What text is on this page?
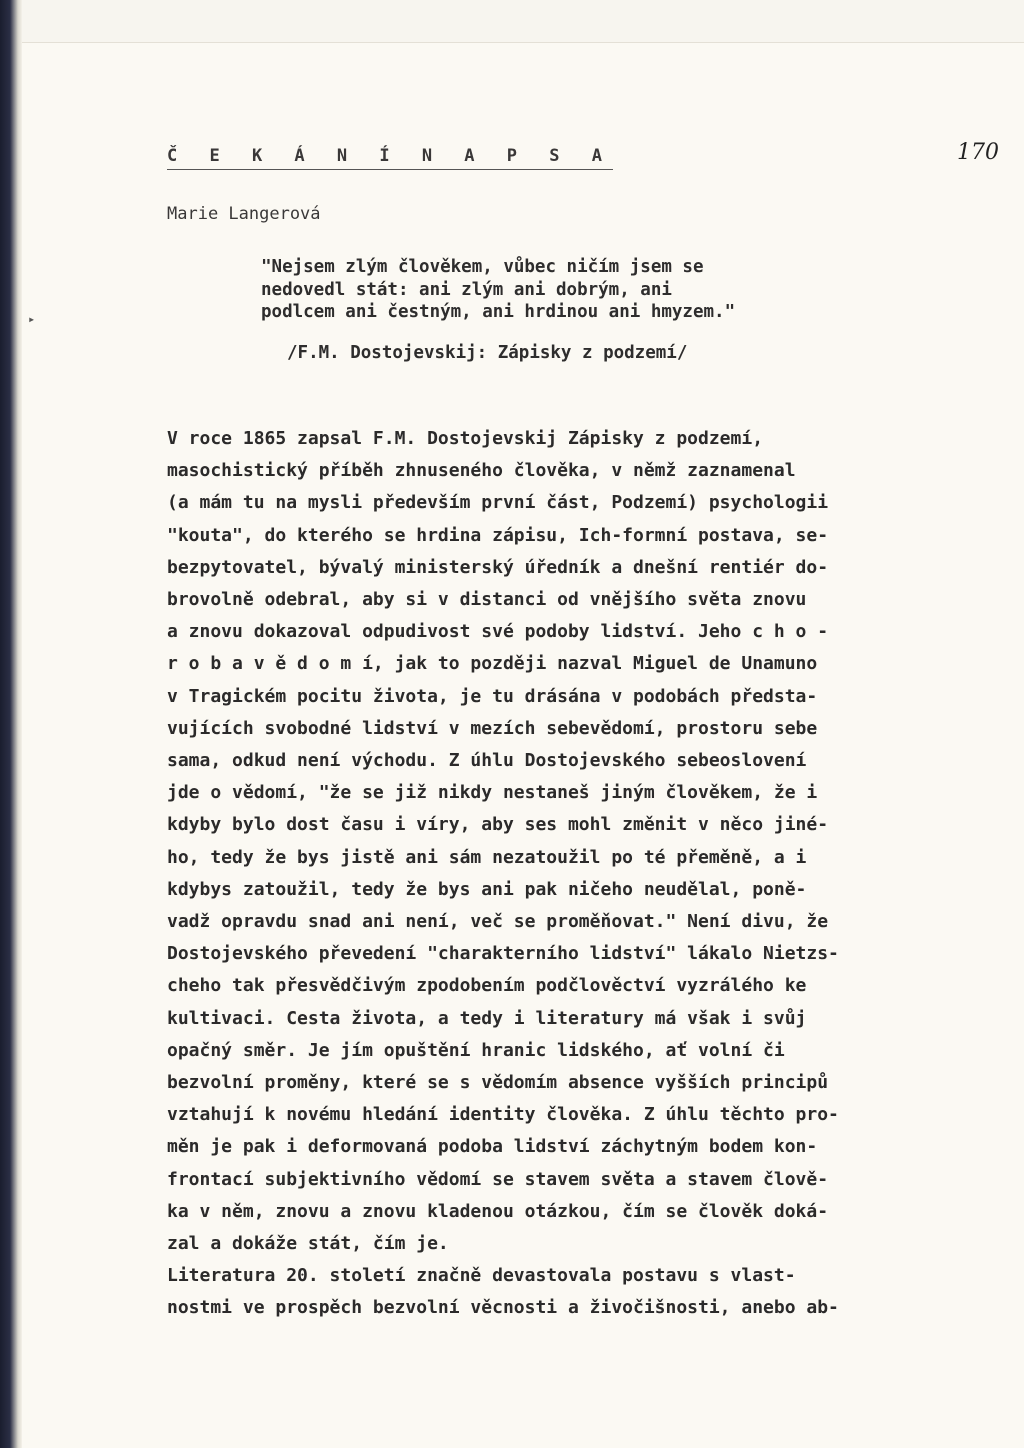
▸
Č E K Á N Í N A P S A	170
Marie Langerová
"Nejsem zlým člověkem, vůbec ničím jsem se
nedovedl stát: ani zlým ani dobrým, ani
podlcem ani čestným, ani hrdinou ani hmyzem."
/F.M. Dostojevskij: Zápisky z podzemí/
V roce 1865 zapsal F.M. Dostojevskij Zápisky z podzemí,
masochistický příběh zhnuseného člověka, v němž zaznamenal
(a mám tu na mysli především první část, Podzemí) psychologii
"kouta", do kterého se hrdina zápisu, Ich-formní postava, se-
bezpytovatel, bývalý ministerský úředník a dnešní rentiér do-
brovolně odebral, aby si v distanci od vnějšího světa znovu
a znovu dokazoval odpudivost své podoby lidství. Jeho c h o -
r o b a v ě d o m í, jak to později nazval Miguel de Unamuno
v Tragickém pocitu života, je tu drásána v podobách předsta-
vujících svobodné lidství v mezích sebevědomí, prostoru sebe
sama, odkud není východu. Z úhlu Dostojevského sebeoslovení
jde o vědomí, "že se již nikdy nestaneš jiným člověkem, že i
kdyby bylo dost času i víry, aby ses mohl změnit v něco jiné-
ho, tedy že bys jistě ani sám nezatoužil po té přeměně, a i
kdybys zatoužil, tedy že bys ani pak ničeho neudělal, poně-
vadž opravdu snad ani není, več se proměňovat." Není divu, že
Dostojevského převedení "charakterního lidství" lákalo Nietzs-
cheho tak přesvědčivým zpodobením podčlověctví vyzrálého ke
kultivaci. Cesta života, a tedy i literatury má však i svůj
opačný směr. Je jím opuštění hranic lidského, ať volní či
bezvolní proměny, které se s vědomím absence vyšších principů
vztahují k novému hledání identity člověka. Z úhlu těchto pro-
měn je pak i deformovaná podoba lidství záchytným bodem kon-
frontací subjektivního vědomí se stavem světa a stavem člově-
ka v něm, znovu a znovu kladenou otázkou, čím se člověk doká-
zal a dokáže stát, čím je.
Literatura 20. století značně devastovala postavu s vlast-
nostmi ve prospěch bezvolní věcnosti a živočišnosti, anebo ab-
